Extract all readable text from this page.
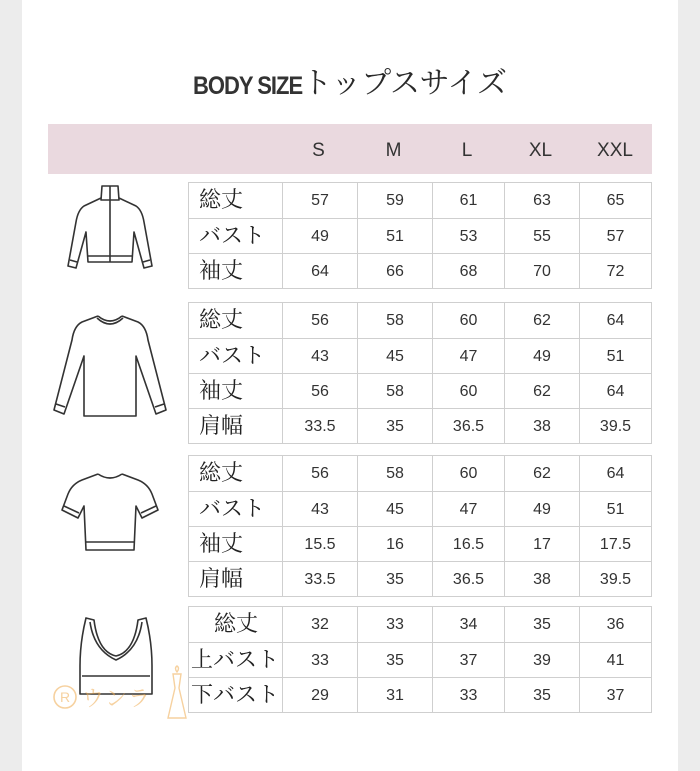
BODY SIZEトップスサイズ
S	M	L	XL	XXL
総丈	57	59	61	63	65
バスト	49	51	53	55	57
袖丈	64	66	68	70	72
総丈	56	58	60	62	64
バスト	43	45	47	49	51
袖丈	56	58	60	62	64
肩幅	33.5	35	36.5	38	39.5
総丈	56	58	60	62	64
バスト	43	45	47	49	51
袖丈	15.5	16	16.5	17	17.5
肩幅	33.5	35	36.5	38	39.5
総丈	32	33	34	35	36
上バスト	33	35	37	39	41
下バスト	29	31	33	35	37
R ウンラ
